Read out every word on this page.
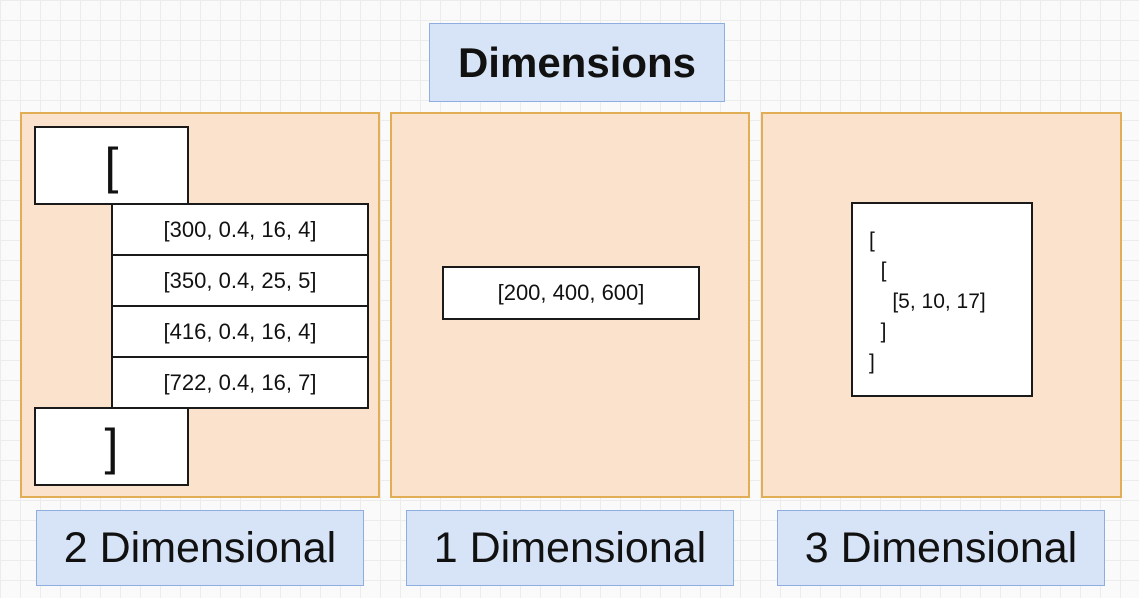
Dimensions
[
[300, 0.4, 16, 4]
[350, 0.4, 25, 5]
[416, 0.4, 16, 4]
[722, 0.4, 16, 7]
]
[200, 400, 600]
[
[
[5, 10, 17]
]
]
2 Dimensional	1 Dimensional	3 Dimensional
